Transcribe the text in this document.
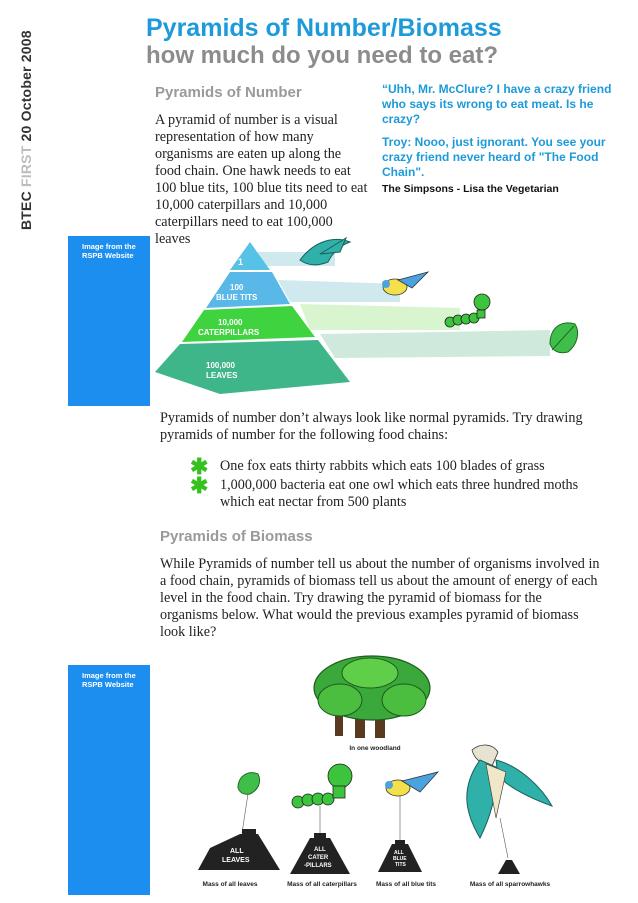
BTEC FIRST 20 October 2008
Pyramids of Number/Biomass
how much do you need to eat?
Pyramids of Number
A pyramid of number is a visual representation of how many organisms are eaten up along the food chain. One hawk needs to eat 100 blue tits, 100 blue tits need to eat 10,000 caterpillars and 10,000 caterpillars need to eat 100,000 leaves

“Uhh, Mr. McClure? I have a crazy friend who says its wrong to eat meat. Is he crazy?

Troy: Nooo, just ignorant. You see your crazy friend never heard of "The Food Chain".

The Simpsons - Lisa the Vegetarian

Image from the
RSPB Website
1
100
BLUE TITS
10,000
CATERPILLARS
100,000
LEAVES
Pyramids of number don’t always look like normal pyramids. Try drawing pyramids of number for the following food chains:
✱ One fox eats thirty rabbits which eats 100 blades of grass
✱ 1,000,000 bacteria eat one owl which eats three hundred moths which eat nectar from 500 plants
Pyramids of Biomass
While Pyramids of number tell us about the number of organisms involved in a food chain, pyramids of biomass tell us about the amount of energy of each level in the food chain. Try drawing the pyramid of biomass for the organisms below. What would the previous examples pyramid of biomass look like?
Image from the
RSPB Website
In one woodland
ALL
LEAVES
ALL
CATER
-PILLARS
ALL
BLUE
TITS
Mass of all leaves	Mass of all caterpillars	Mass of all blue tits	Mass of all sparrowhawks
